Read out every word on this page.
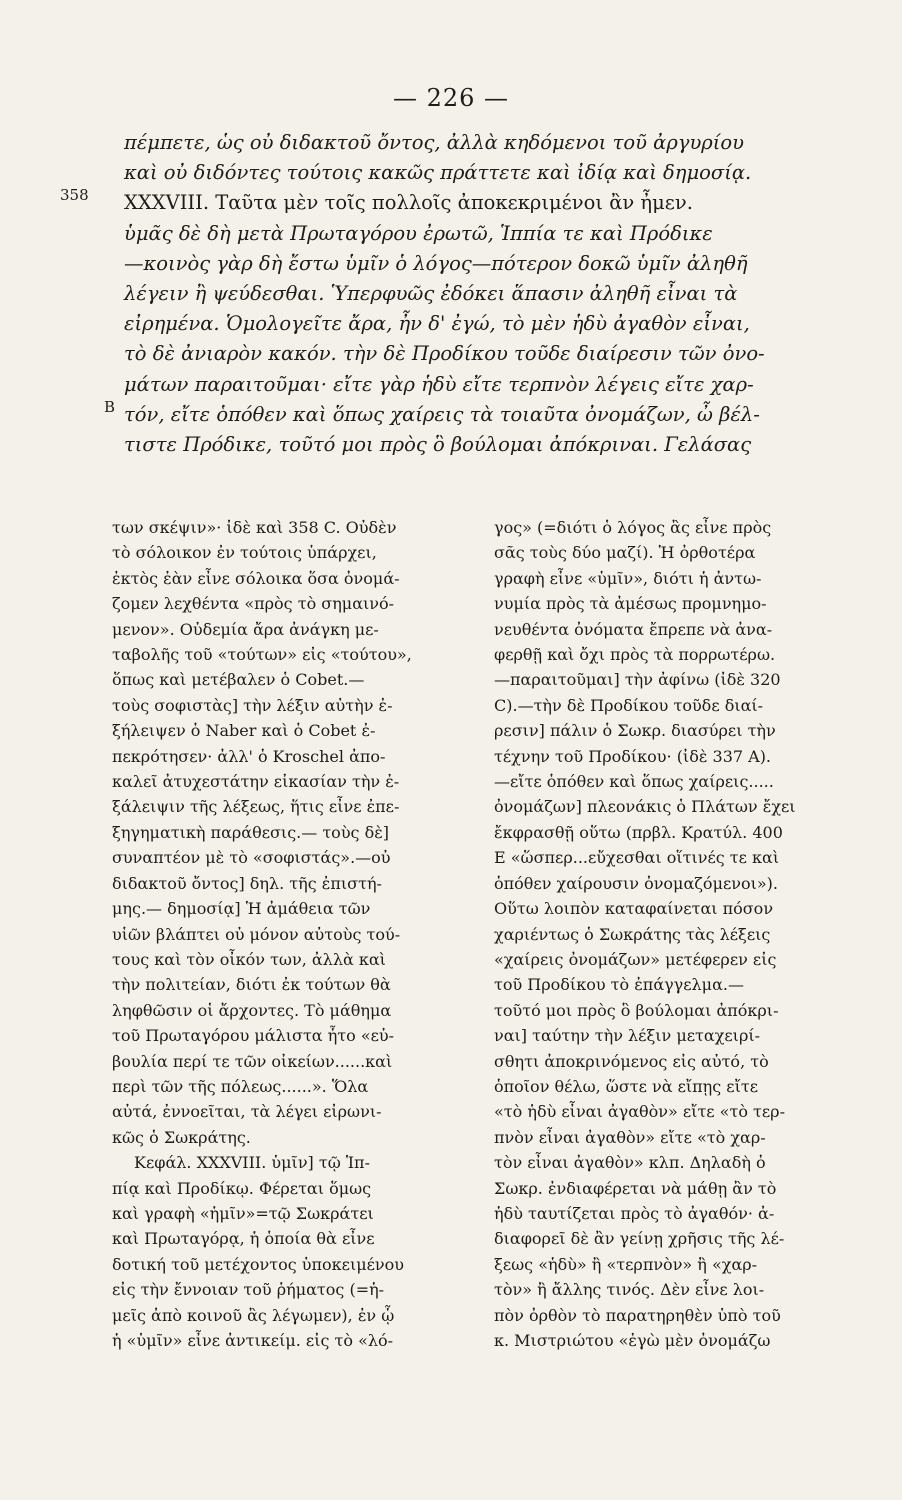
— 226 —
358
B
πέμπετε, ὡς οὐ διδακτοῦ ὄντος, ἀλλὰ κηδόμενοι τοῦ ἀργυρίου
καὶ οὐ διδόντες τούτοις κακῶς πράττετε καὶ ἰδίᾳ καὶ δημοσίᾳ.
XXXVIII. Ταῦτα μὲν τοῖς πολλοῖς ἀποκεκριμένοι ἂν ἦμεν.
ὑμᾶς δὲ δὴ μετὰ Πρωταγόρου ἐρωτῶ, Ἱππία τε καὶ Πρόδικε
—κοινὸς γὰρ δὴ ἔστω ὑμῖν ὁ λόγος—πότερον δοκῶ ὑμῖν ἀληθῆ
λέγειν ἢ ψεύδεσθαι. Ὑπερφυῶς ἐδόκει ἅπασιν ἀληθῆ εἶναι τὰ
εἰρημένα. Ὁμολογεῖτε ἄρα, ἦν δ' ἐγώ, τὸ μὲν ἡδὺ ἀγαθὸν εἶναι,
τὸ δὲ ἀνιαρὸν κακόν. τὴν δὲ Προδίκου τοῦδε διαίρεσιν τῶν ὀνο-
μάτων παραιτοῦμαι· εἴτε γὰρ ἡδὺ εἴτε τερπνὸν λέγεις εἴτε χαρ-
τόν, εἴτε ὁπόθεν καὶ ὅπως χαίρεις τὰ τοιαῦτα ὀνομάζων, ὦ βέλ-
τιστε Πρόδικε, τοῦτό μοι πρὸς ὃ βούλομαι ἀπόκριναι. Γελάσας
των σκέψιν»· ἰδὲ καὶ 358 C. Οὐδὲν
τὸ σόλοικον ἐν τούτοις ὑπάρχει,
ἐκτὸς ἐὰν εἶνε σόλοικα ὅσα ὀνομά-
ζομεν λεχθέντα «πρὸς τὸ σημαινό-
μενον». Οὐδεμία ἄρα ἀνάγκη με-
ταβολῆς τοῦ «τούτων» εἰς «τούτου»,
ὅπως καὶ μετέβαλεν ὁ Cobet.—
τοὺς σοφιστὰς] τὴν λέξιν αὐτὴν ἐ-
ξήλειψεν ὁ Naber καὶ ὁ Cobet ἐ-
πεκρότησεν· ἀλλ' ὁ Kroschel ἀπο-
καλεῖ ἀτυχεστάτην εἰκασίαν τὴν ἐ-
ξάλειψιν τῆς λέξεως, ἥτις εἶνε ἐπε-
ξηγηματικὴ παράθεσις.— τοὺς δὲ]
συναπτέον μὲ τὸ «σοφιστάς».—οὐ
διδακτοῦ ὄντος] δηλ. τῆς ἐπιστή-
μης.— δημοσίᾳ] Ἡ ἀμάθεια τῶν
υἱῶν βλάπτει οὐ μόνον αὐτοὺς τού-
τους καὶ τὸν οἶκόν των, ἀλλὰ καὶ
τὴν πολιτείαν, διότι ἐκ τούτων θὰ
ληφθῶσιν οἱ ἄρχοντες. Τὸ μάθημα
τοῦ Πρωταγόρου μάλιστα ἦτο «εὐ-
βουλία περί τε τῶν οἰκείων......καὶ
περὶ τῶν τῆς πόλεως......». Ὅλα
αὐτά, ἐννοεῖται, τὰ λέγει εἰρωνι-
κῶς ὁ Σωκράτης.
Κεφάλ. XXXVIII. ὑμῖν] τῷ Ἱπ-
πίᾳ καὶ Προδίκῳ. Φέρεται ὅμως
καὶ γραφὴ «ἡμῖν»=τῷ Σωκράτει
καὶ Πρωταγόρᾳ, ἡ ὁποία θὰ εἶνε
δοτική τοῦ μετέχοντος ὑποκειμένου
εἰς τὴν ἔννοιαν τοῦ ῥήματος (=ἡ-
μεῖς ἀπὸ κοινοῦ ἂς λέγωμεν), ἐν ᾧ
ἡ «ὑμῖν» εἶνε ἀντικείμ. εἰς τὸ «λό-
γος» (=διότι ὁ λόγος ἂς εἶνε πρὸς
σᾶς τοὺς δύο μαζί). Ἡ ὀρθοτέρα
γραφὴ εἶνε «ὑμῖν», διότι ἡ ἀντω-
νυμία πρὸς τὰ ἀμέσως προμνημο-
νευθέντα ὀνόματα ἔπρεπε νὰ ἀνα-
φερθῇ καὶ ὄχι πρὸς τὰ πορρωτέρω.
—παραιτοῦμαι] τὴν ἀφίνω (ἰδὲ 320
C).—τὴν δὲ Προδίκου τοῦδε διαί-
ρεσιν] πάλιν ὁ Σωκρ. διασύρει τὴν
τέχνην τοῦ Προδίκου· (ἰδὲ 337 Α).
—εἴτε ὁπόθεν καὶ ὅπως χαίρεις.....
ὀνομάζων] πλεονάκις ὁ Πλάτων ἔχει
ἔκφρασθῇ οὕτω (πρβλ. Κρατύλ. 400
E «ὥσπερ...εὔχεσθαι οἵτινές τε καὶ
ὁπόθεν χαίρουσιν ὀνομαζόμενοι»).
Οὕτω λοιπὸν καταφαίνεται πόσον
χαριέντως ὁ Σωκράτης τὰς λέξεις
«χαίρεις ὀνομάζων» μετέφερεν εἰς
τοῦ Προδίκου τὸ ἐπάγγελμα.—
τοῦτό μοι πρὸς ὃ βούλομαι ἀπόκρι-
ναι] ταύτην τὴν λέξιν μεταχειρί-
σθητι ἀποκρινόμενος εἰς αὐτό, τὸ
ὁποῖον θέλω, ὥστε νὰ εἴπῃς εἴτε
«τὸ ἡδὺ εἶναι ἀγαθὸν» εἴτε «τὸ τερ-
πνὸν εἶναι ἀγαθὸν» εἴτε «τὸ χαρ-
τὸν εἶναι ἀγαθὸν» κλπ. Δηλαδὴ ὁ
Σωκρ. ἐνδιαφέρεται νὰ μάθῃ ἂν τὸ
ἡδὺ ταυτίζεται πρὸς τὸ ἀγαθόν· ἀ-
διαφορεῖ δὲ ἂν γείνῃ χρῆσις τῆς λέ-
ξεως «ἡδὺ» ἢ «τερπνὸν» ἢ «χαρ-
τὸν» ἢ ἄλλης τινός. Δὲν εἶνε λοι-
πὸν ὀρθὸν τὸ παρατηρηθὲν ὑπὸ τοῦ
κ. Μιστριώτου «ἐγὼ μὲν ὀνομάζω
